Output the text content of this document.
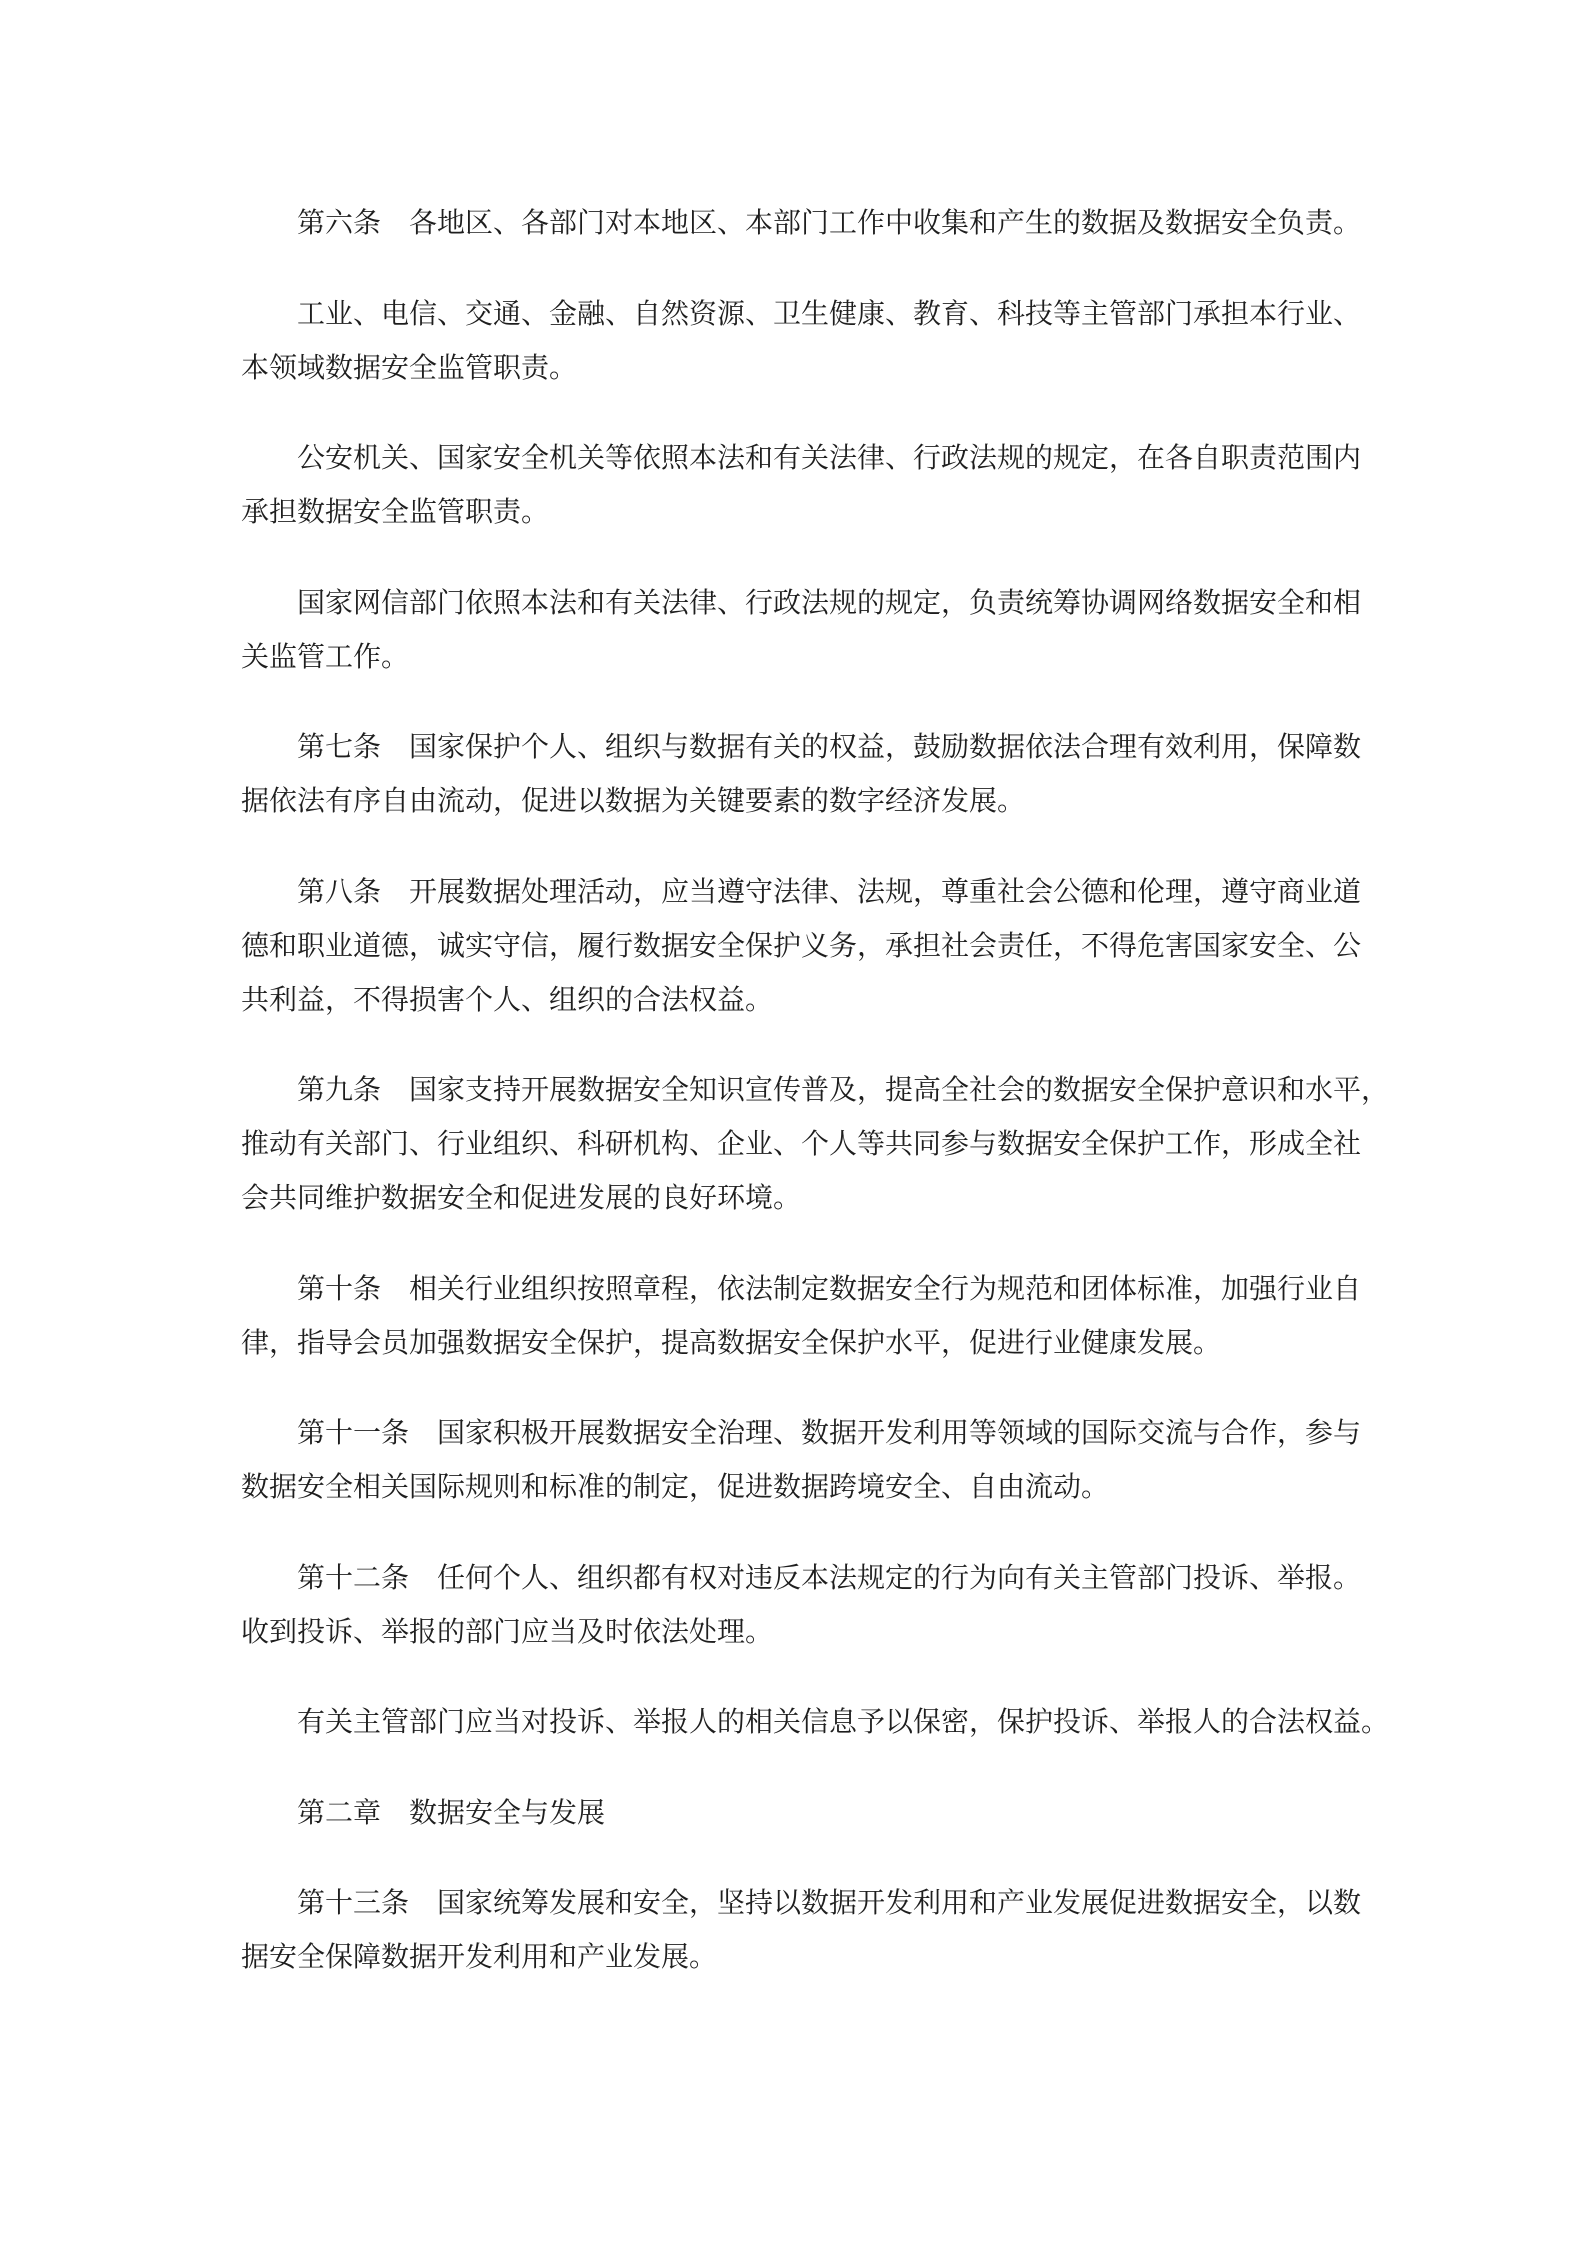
第六条　各地区、各部门对本地区、本部门工作中收集和产生的数据及数据安全负责。

工业、电信、交通、金融、自然资源、卫生健康、教育、科技等主管部门承担本行业、
本领域数据安全监管职责。

公安机关、国家安全机关等依照本法和有关法律、行政法规的规定，在各自职责范围内
承担数据安全监管职责。

国家网信部门依照本法和有关法律、行政法规的规定，负责统筹协调网络数据安全和相
关监管工作。

第七条　国家保护个人、组织与数据有关的权益，鼓励数据依法合理有效利用，保障数
据依法有序自由流动，促进以数据为关键要素的数字经济发展。

第八条　开展数据处理活动，应当遵守法律、法规，尊重社会公德和伦理，遵守商业道
德和职业道德，诚实守信，履行数据安全保护义务，承担社会责任，不得危害国家安全、公
共利益，不得损害个人、组织的合法权益。

第九条　国家支持开展数据安全知识宣传普及，提高全社会的数据安全保护意识和水平，
推动有关部门、行业组织、科研机构、企业、个人等共同参与数据安全保护工作，形成全社
会共同维护数据安全和促进发展的良好环境。

第十条　相关行业组织按照章程，依法制定数据安全行为规范和团体标准，加强行业自
律，指导会员加强数据安全保护，提高数据安全保护水平，促进行业健康发展。

第十一条　国家积极开展数据安全治理、数据开发利用等领域的国际交流与合作，参与
数据安全相关国际规则和标准的制定，促进数据跨境安全、自由流动。

第十二条　任何个人、组织都有权对违反本法规定的行为向有关主管部门投诉、举报。
收到投诉、举报的部门应当及时依法处理。

有关主管部门应当对投诉、举报人的相关信息予以保密，保护投诉、举报人的合法权益。

第二章　数据安全与发展

第十三条　国家统筹发展和安全，坚持以数据开发利用和产业发展促进数据安全，以数
据安全保障数据开发利用和产业发展。
